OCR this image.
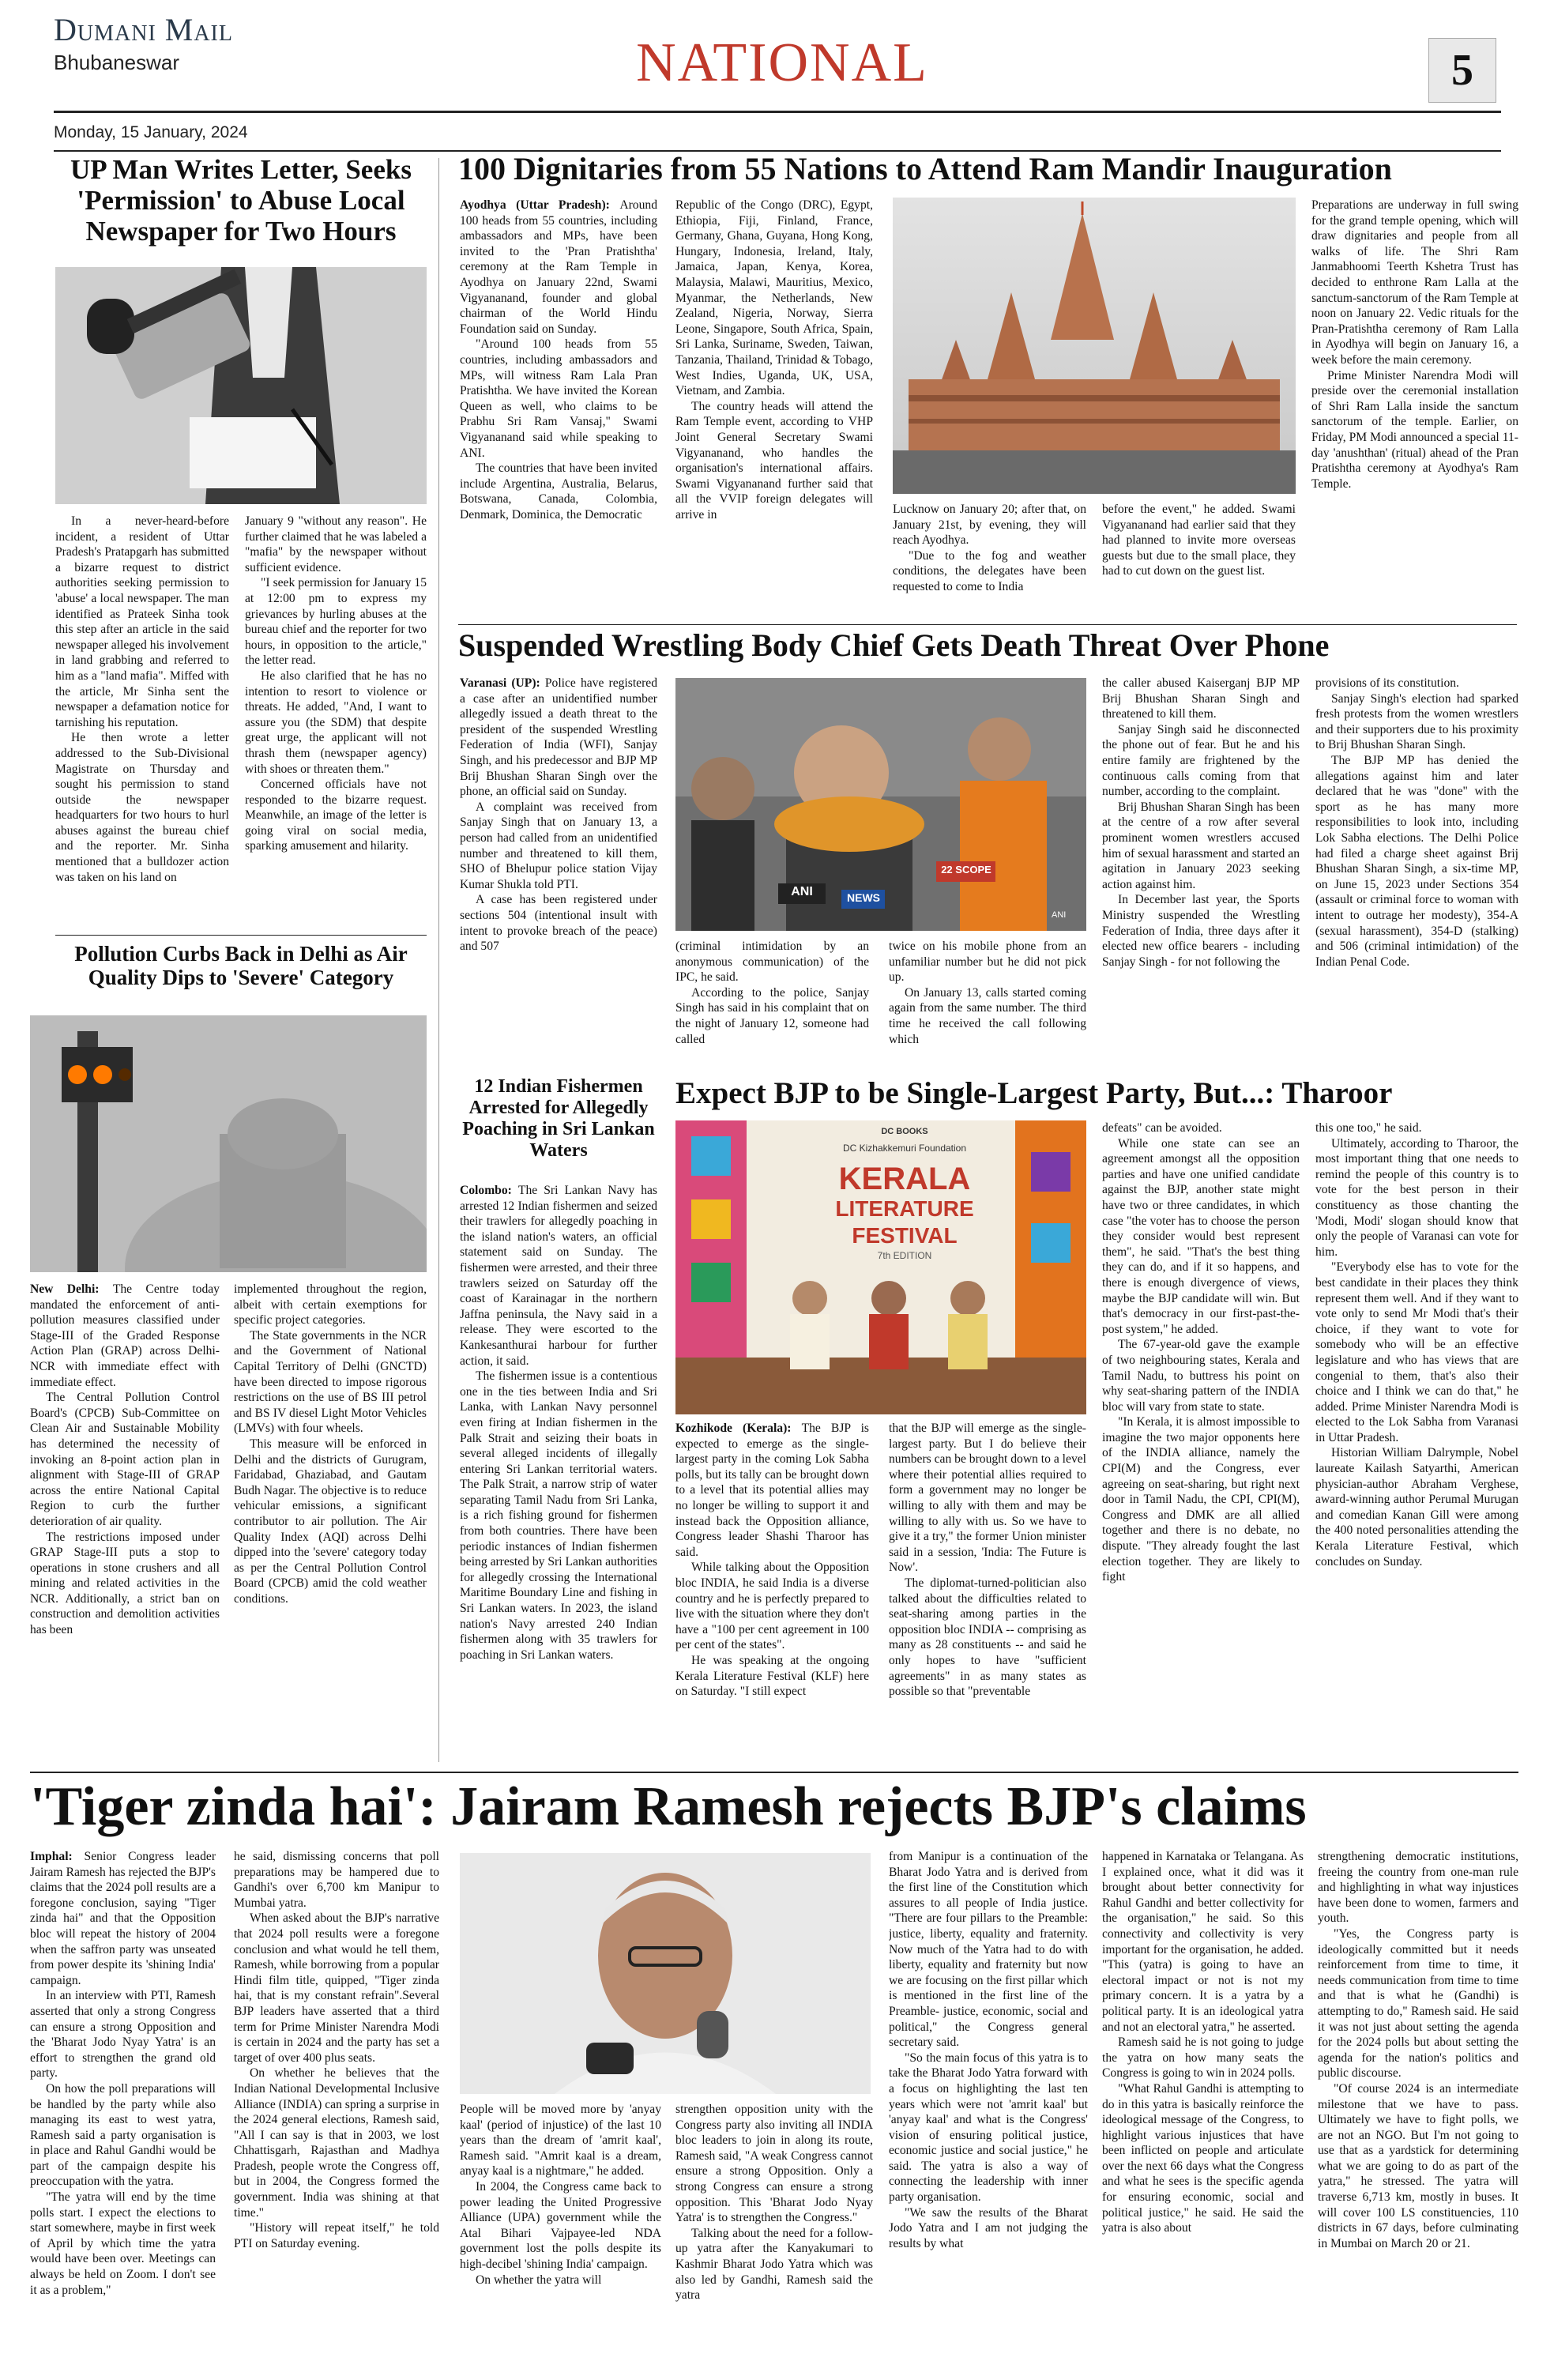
Dumani Mail
Bhubaneswar
Monday, 15 January, 2024
NATIONAL	5
UP Man Writes Letter, Seeks 'Permission' to Abuse Local Newspaper for Two Hours

In a never-heard-before incident, a resident of Uttar Pradesh's Pratapgarh has submitted a bizarre request to district authorities seeking permission to 'abuse' a local newspaper. The man identified as Prateek Sinha took this step after an article in the said newspaper alleged his involvement in land grabbing and referred to him as a "land mafia". Miffed with the article, Mr Sinha sent the newspaper a defamation notice for tarnishing his reputation.

He then wrote a letter addressed to the Sub-Divisional Magistrate on Thursday and sought his permission to stand outside the newspaper headquarters for two hours to hurl abuses against the bureau chief and the reporter. Mr. Sinha mentioned that a bulldozer action was taken on his land on

January 9 "without any reason". He further claimed that he was labeled a "mafia" by the newspaper without sufficient evidence.

"I seek permission for January 15 at 12:00 pm to express my grievances by hurling abuses at the bureau chief and the reporter for two hours, in opposition to the article," the letter read.

He also clarified that he has no intention to resort to violence or threats. He added, "And, I want to assure you (the SDM) that despite great urge, the applicant will not thrash them (newspaper agency) with shoes or threaten them."

Concerned officials have not responded to the bizarre request. Meanwhile, an image of the letter is going viral on social media, sparking amusement and hilarity.

Pollution Curbs Back in Delhi as Air Quality Dips to 'Severe' Category

New Delhi: The Centre today mandated the enforcement of anti-pollution measures classified under Stage-III of the Graded Response Action Plan (GRAP) across Delhi-NCR with immediate effect with immediate effect.

The Central Pollution Control Board's (CPCB) Sub-Committee on Clean Air and Sustainable Mobility has determined the necessity of invoking an 8-point action plan in alignment with Stage-III of GRAP across the entire National Capital Region to curb the further deterioration of air quality.

The restrictions imposed under GRAP Stage-III puts a stop to operations in stone crushers and all mining and related activities in the NCR. Additionally, a strict ban on construction and demolition activities has been

implemented throughout the region, albeit with certain exemptions for specific project categories.

The State governments in the NCR and the Government of National Capital Territory of Delhi (GNCTD) have been directed to impose rigorous restrictions on the use of BS III petrol and BS IV diesel Light Motor Vehicles (LMVs) with four wheels.

This measure will be enforced in Delhi and the districts of Gurugram, Faridabad, Ghaziabad, and Gautam Budh Nagar. The objective is to reduce vehicular emissions, a significant contributor to air pollution. The Air Quality Index (AQI) across Delhi dipped into the 'severe' category today as per the Central Pollution Control Board (CPCB) amid the cold weather conditions.

100 Dignitaries from 55 Nations to Attend Ram Mandir Inauguration

Ayodhya (Uttar Pradesh): Around 100 heads from 55 countries, including ambassadors and MPs, have been invited to the 'Pran Pratishtha' ceremony at the Ram Temple in Ayodhya on January 22nd, Swami Vigyananand, founder and global chairman of the World Hindu Foundation said on Sunday.

"Around 100 heads from 55 countries, including ambassadors and MPs, will witness Ram Lala Pran Pratishtha. We have invited the Korean Queen as well, who claims to be Prabhu Sri Ram Vansaj," Swami Vigyananand said while speaking to ANI.

The countries that have been invited include Argentina, Australia, Belarus, Botswana, Canada, Colombia, Denmark, Dominica, the Democratic

Republic of the Congo (DRC), Egypt, Ethiopia, Fiji, Finland, France, Germany, Ghana, Guyana, Hong Kong, Hungary, Indonesia, Ireland, Italy, Jamaica, Japan, Kenya, Korea, Malaysia, Malawi, Mauritius, Mexico, Myanmar, the Netherlands, New Zealand, Nigeria, Norway, Sierra Leone, Singapore, South Africa, Spain, Sri Lanka, Suriname, Sweden, Taiwan, Tanzania, Thailand, Trinidad & Tobago, West Indies, Uganda, UK, USA, Vietnam, and Zambia.

The country heads will attend the Ram Temple event, according to VHP Joint General Secretary Swami Vigyananand, who handles the organisation's international affairs. Swami Vigyananand further said that all the VVIP foreign delegates will arrive in	Lucknow on January 20; after that, on January 21st, by evening, they will reach Ayodhya.

"Due to the fog and weather conditions, the delegates have been requested to come to India

before the event," he added. Swami Vigyananand had earlier said that they had planned to invite more overseas guests but due to the small place, they had to cut down on the guest list.

Preparations are underway in full swing for the grand temple opening, which will draw dignitaries and people from all walks of life. The Shri Ram Janmabhoomi Teerth Kshetra Trust has decided to enthrone Ram Lalla at the sanctum-sanctorum of the Ram Temple at noon on January 22. Vedic rituals for the Pran-Pratishtha ceremony of Ram Lalla in Ayodhya will begin on January 16, a week before the main ceremony.

Prime Minister Narendra Modi will preside over the ceremonial installation of Shri Ram Lalla inside the sanctum sanctorum of the temple. Earlier, on Friday, PM Modi announced a special 11-day 'anushthan' (ritual) ahead of the Pran Pratishtha ceremony at Ayodhya's Ram Temple.

Suspended Wrestling Body Chief Gets Death Threat Over Phone

Varanasi (UP): Police have registered a case after an unidentified number allegedly issued a death threat to the president of the suspended Wrestling Federation of India (WFI), Sanjay Singh, and his predecessor and BJP MP Brij Bhushan Sharan Singh over the phone, an official said on Sunday.

A complaint was received from Sanjay Singh that on January 13, a person had called from an unidentified number and threatened to kill them, SHO of Bhelupur police station Vijay Kumar Shukla told PTI.

A case has been registered under sections 504 (intentional insult with intent to provoke breach of the peace) and 507

ANI	NEWS
22 SCOPE
ANI

(criminal intimidation by an anonymous communication) of the IPC, he said.

According to the police, Sanjay Singh has said in his complaint that on the night of January 12, someone had called

twice on his mobile phone from an unfamiliar number but he did not pick up.

On January 13, calls started coming again from the same number. The third time he received the call following which

the caller abused Kaiserganj BJP MP Brij Bhushan Sharan Singh and threatened to kill them.

Sanjay Singh said he disconnected the phone out of fear. But he and his entire family are frightened by the continuous calls coming from that number, according to the complaint.

Brij Bhushan Sharan Singh has been at the centre of a row after several prominent women wrestlers accused him of sexual harassment and started an agitation in January 2023 seeking action against him.

In December last year, the Sports Ministry suspended the Wrestling Federation of India, three days after it elected new office bearers - including Sanjay Singh - for not following the

provisions of its constitution.

Sanjay Singh's election had sparked fresh protests from the women wrestlers and their supporters due to his proximity to Brij Bhushan Sharan Singh.

The BJP MP has denied the allegations against him and later declared that he was "done" with the sport as he has many more responsibilities to look into, including Lok Sabha elections. The Delhi Police had filed a charge sheet against Brij Bhushan Sharan Singh, a six-time MP, on June 15, 2023 under Sections 354 (assault or criminal force to woman with intent to outrage her modesty), 354-A (sexual harassment), 354-D (stalking) and 506 (criminal intimidation) of the Indian Penal Code.

12 Indian Fishermen Arrested for Allegedly Poaching in Sri Lankan Waters

Colombo: The Sri Lankan Navy has arrested 12 Indian fishermen and seized their trawlers for allegedly poaching in the island nation's waters, an official statement said on Sunday. The fishermen were arrested, and their three trawlers seized on Saturday off the coast of Karainagar in the northern Jaffna peninsula, the Navy said in a release. They were escorted to the Kankesanthurai harbour for further action, it said.

The fishermen issue is a contentious one in the ties between India and Sri Lanka, with Lankan Navy personnel even firing at Indian fishermen in the Palk Strait and seizing their boats in several alleged incidents of illegally entering Sri Lankan territorial waters. The Palk Strait, a narrow strip of water separating Tamil Nadu from Sri Lanka, is a rich fishing ground for fishermen from both countries. There have been periodic instances of Indian fishermen being arrested by Sri Lankan authorities for allegedly crossing the International Maritime Boundary Line and fishing in Sri Lankan waters. In 2023, the island nation's Navy arrested 240 Indian fishermen along with 35 trawlers for poaching in Sri Lankan waters.

Expect BJP to be Single-Largest Party, But...: Tharoor
DC BOOKS
DC Kizhakkemuri Foundation
KERALA
LITERATURE
FESTIVAL
7th EDITION

Kozhikode (Kerala): The BJP is expected to emerge as the single-largest party in the coming Lok Sabha polls, but its tally can be brought down to a level that its potential allies may no longer be willing to support it and instead back the Opposition alliance, Congress leader Shashi Tharoor has said.

While talking about the Opposition bloc INDIA, he said India is a diverse country and he is perfectly prepared to live with the situation where they don't have a "100 per cent agreement in 100 per cent of the states".

He was speaking at the ongoing Kerala Literature Festival (KLF) here on Saturday. "I still expect

that the BJP will emerge as the single-largest party. But I do believe their numbers can be brought down to a level where their potential allies required to form a government may no longer be willing to ally with them and may be willing to ally with us. So we have to give it a try," the former Union minister said in a session, 'India: The Future is Now'.

The diplomat-turned-politician also talked about the difficulties related to seat-sharing among parties in the opposition bloc INDIA -- comprising as many as 28 constituents -- and said he only hopes to have "sufficient agreements" in as many states as possible so that "preventable

defeats" can be avoided.

While one state can see an agreement amongst all the opposition parties and have one unified candidate against the BJP, another state might have two or three candidates, in which case "the voter has to choose the person they consider would best represent them", he said. "That's the best thing they can do, and if it so happens, and there is enough divergence of views, maybe the BJP candidate will win. But that's democracy in our first-past-the-post system," he added.

The 67-year-old gave the example of two neighbouring states, Kerala and Tamil Nadu, to buttress his point on why seat-sharing pattern of the INDIA bloc will vary from state to state.

"In Kerala, it is almost impossible to imagine the two major opponents here of the INDIA alliance, namely the CPI(M) and the Congress, ever agreeing on seat-sharing, but right next door in Tamil Nadu, the CPI, CPI(M), Congress and DMK are all allied together and there is no debate, no dispute. "They already fought the last election together. They are likely to fight

this one too," he said.

Ultimately, according to Tharoor, the most important thing that one needs to remind the people of this country is to vote for the best person in their constituency as those chanting the 'Modi, Modi' slogan should know that only the people of Varanasi can vote for him.

"Everybody else has to vote for the best candidate in their places they think represent them well. And if they want to vote only to send Mr Modi that's their choice, if they want to vote for somebody who will be an effective legislature and who has views that are congenial to them, that's also their choice and I think we can do that," he added. Prime Minister Narendra Modi is elected to the Lok Sabha from Varanasi in Uttar Pradesh.

Historian William Dalrymple, Nobel laureate Kailash Satyarthi, American physician-author Abraham Verghese, award-winning author Perumal Murugan and comedian Kanan Gill were among the 400 noted personalities attending the Kerala Literature Festival, which concludes on Sunday.

'Tiger zinda hai': Jairam Ramesh rejects BJP's claims

Imphal: Senior Congress leader Jairam Ramesh has rejected the BJP's claims that the 2024 poll results are a foregone conclusion, saying "Tiger zinda hai" and that the Opposition bloc will repeat the history of 2004 when the saffron party was unseated from power despite its 'shining India' campaign.

In an interview with PTI, Ramesh asserted that only a strong Congress can ensure a strong Opposition and the 'Bharat Jodo Nyay Yatra' is an effort to strengthen the grand old party.

On how the poll preparations will be handled by the party while also managing its east to west yatra, Ramesh said a party organisation is in place and Rahul Gandhi would be part of the campaign despite his preoccupation with the yatra.

"The yatra will end by the time polls start. I expect the elections to start somewhere, maybe in first week of April by which time the yatra would have been over. Meetings can always be held on Zoom. I don't see it as a problem,"

he said, dismissing concerns that poll preparations may be hampered due to Gandhi's over 6,700 km Manipur to Mumbai yatra.

When asked about the BJP's narrative that 2024 poll results were a foregone conclusion and what would he tell them, Ramesh, while borrowing from a popular Hindi film title, quipped, "Tiger zinda hai, that is my constant refrain".Several BJP leaders have asserted that a third term for Prime Minister Narendra Modi is certain in 2024 and the party has set a target of over 400 plus seats.

On whether he believes that the Indian National Developmental Inclusive Alliance (INDIA) can spring a surprise in the 2024 general elections, Ramesh said, "All I can say is that in 2003, we lost Chhattisgarh, Rajasthan and Madhya Pradesh, people wrote the Congress off, but in 2004, the Congress formed the government. India was shining at that time."

"History will repeat itself," he told PTI on Saturday evening.

People will be moved more by 'anyay kaal' (period of injustice) of the last 10 years than the dream of 'amrit kaal', Ramesh said. "Amrit kaal is a dream, anyay kaal is a nightmare," he added.

In 2004, the Congress came back to power leading the United Progressive Alliance (UPA) government while the Atal Bihari Vajpayee-led NDA government lost the polls despite its high-decibel 'shining India' campaign.

On whether the yatra will

strengthen opposition unity with the Congress party also inviting all INDIA bloc leaders to join in along its route, Ramesh said, "A weak Congress cannot ensure a strong Opposition. Only a strong Congress can ensure a strong opposition. This 'Bharat Jodo Nyay Yatra' is to strengthen the Congress."

Talking about the need for a follow-up yatra after the Kanyakumari to Kashmir Bharat Jodo Yatra which was also led by Gandhi, Ramesh said the yatra

from Manipur is a continuation of the Bharat Jodo Yatra and is derived from the first line of the Constitution which assures to all people of India justice. "There are four pillars to the Preamble: justice, liberty, equality and fraternity. Now much of the Yatra had to do with liberty, equality and fraternity but now we are focusing on the first pillar which is mentioned in the first line of the Preamble- justice, economic, social and political," the Congress general secretary said.

"So the main focus of this yatra is to take the Bharat Jodo Yatra forward with a focus on highlighting the last ten years which were not 'amrit kaal' but 'anyay kaal' and what is the Congress' vision of ensuring political justice, economic justice and social justice," he said. The yatra is also a way of connecting the leadership with inner party organisation.

"We saw the results of the Bharat Jodo Yatra and I am not judging the results by what

happened in Karnataka or Telangana. As I explained once, what it did was it brought about better connectivity for Rahul Gandhi and better collectivity for the organisation," he said. So this connectivity and collectivity is very important for the organisation, he added. "This (yatra) is going to have an electoral impact or not is not my primary concern. It is a yatra by a political party. It is an ideological yatra and not an electoral yatra," he asserted.

Ramesh said he is not going to judge the yatra on how many seats the Congress is going to win in 2024 polls.

"What Rahul Gandhi is attempting to do in this yatra is basically reinforce the ideological message of the Congress, to highlight various injustices that have been inflicted on people and articulate over the next 66 days what the Congress and what he sees is the specific agenda for ensuring economic, social and political justice," he said. He said the yatra is also about

strengthening democratic institutions, freeing the country from one-man rule and highlighting in what way injustices have been done to women, farmers and youth.

"Yes, the Congress party is ideologically committed but it needs reinforcement from time to time, it needs communication from time to time and that is what he (Gandhi) is attempting to do," Ramesh said. He said it was not just about setting the agenda for the 2024 polls but about setting the agenda for the nation's politics and public discourse.

"Of course 2024 is an intermediate milestone that we have to pass. Ultimately we have to fight polls, we are not an NGO. But I'm not going to use that as a yardstick for determining what we are going to do as part of the yatra," he stressed. The yatra will traverse 6,713 km, mostly in buses. It will cover 100 LS constituencies, 110 districts in 67 days, before culminating in Mumbai on March 20 or 21.
